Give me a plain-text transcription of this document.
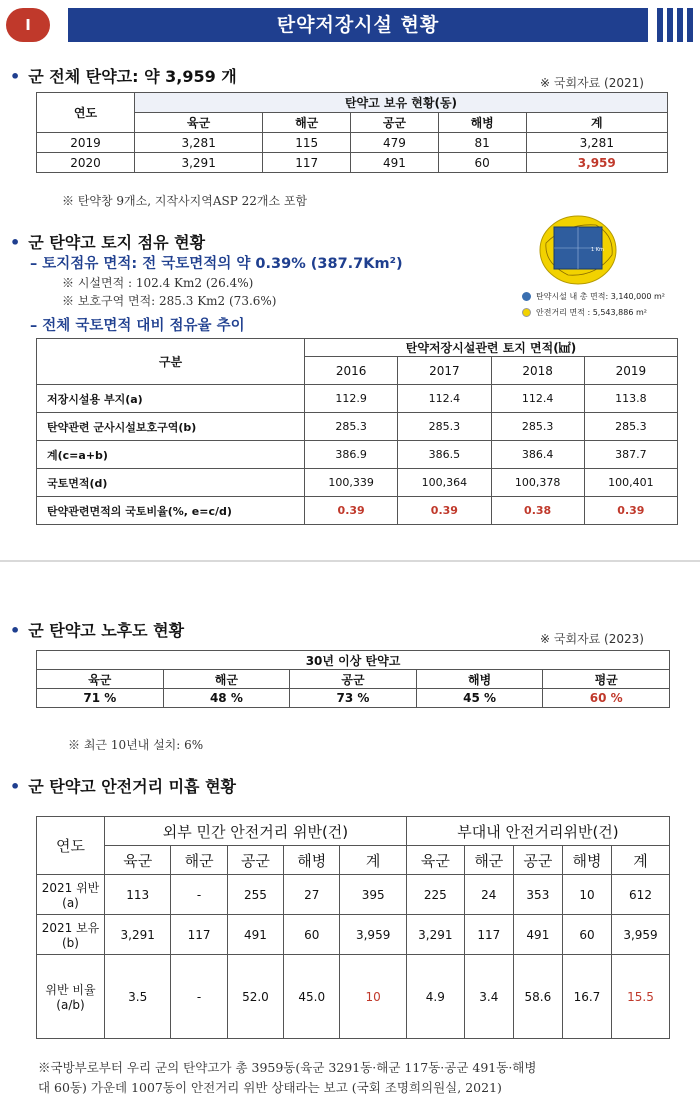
I	탄약저장시설 현황
• 군 전체 탄약고: 약 3,959 개	※ 국회자료 (2021)
연도	탄약고 보유 현황(동)				
	육군	해군	공군	해병	계
2019	3,281	115	479	81	3,281
2020	3,291	117	491	60	3,959
※ 탄약창 9개소, 지작사지역ASP 22개소 포함
• 군 탄약고 토지 점유 현황
– 토지점유 면적: 전 국토면적의 약 0.39% (387.7Km²)
※ 시설면적 : 102.4 Km2 (26.4%)
※ 보호구역 면적: 285.3 Km2 (73.6%)
– 전체 국토면적 대비 점유율 추이
1 Km
탄약시설 내 총 면적: 3,140,000 m²
안전거리 면적 : 5,543,886 m²
구분	탄약저장시설관련 토지 면적(㎢)			
	2016	2017	2018	2019
저장시설용 부지(a)	112.9	112.4	112.4	113.8
탄약관련 군사시설보호구역(b)	285.3	285.3	285.3	285.3
계(c=a+b)	386.9	386.5	386.4	387.7
국토면적(d)	100,339	100,364	100,378	100,401
탄약관련면적의 국토비율(%, e=c/d)	0.39	0.39	0.38	0.39
• 군 탄약고 노후도 현황	※ 국회자료 (2023)
30년 이상 탄약고				
육군	해군	공군	해병	평균
71 %	48 %	73 %	45 %	60 %
※ 최근 10년내 설치: 6%
• 군 탄약고 안전거리 미흡 현황
연도	외부 민간 안전거리 위반(건)					부대내 안전거리위반(건)				
	육군	해군	공군	해병	계	육군	해군	공군	해병	계
2021 위반(a)	113	-	255	27	395	225	24	353	10	612
2021 보유(b)	3,291	117	491	60	3,959	3,291	117	491	60	3,959
위반 비율 (a/b)	3.5	-	52.0	45.0	10	4.9	3.4	58.6	16.7	15.5
※국방부로부터 우리 군의 탄약고가 총 3959동(육군 3291동·해군 117동·공군 491동·해병
대 60동) 가운데 1007동이 안전거리 위반 상태라는 보고 (국회 조명희의원실, 2021)
